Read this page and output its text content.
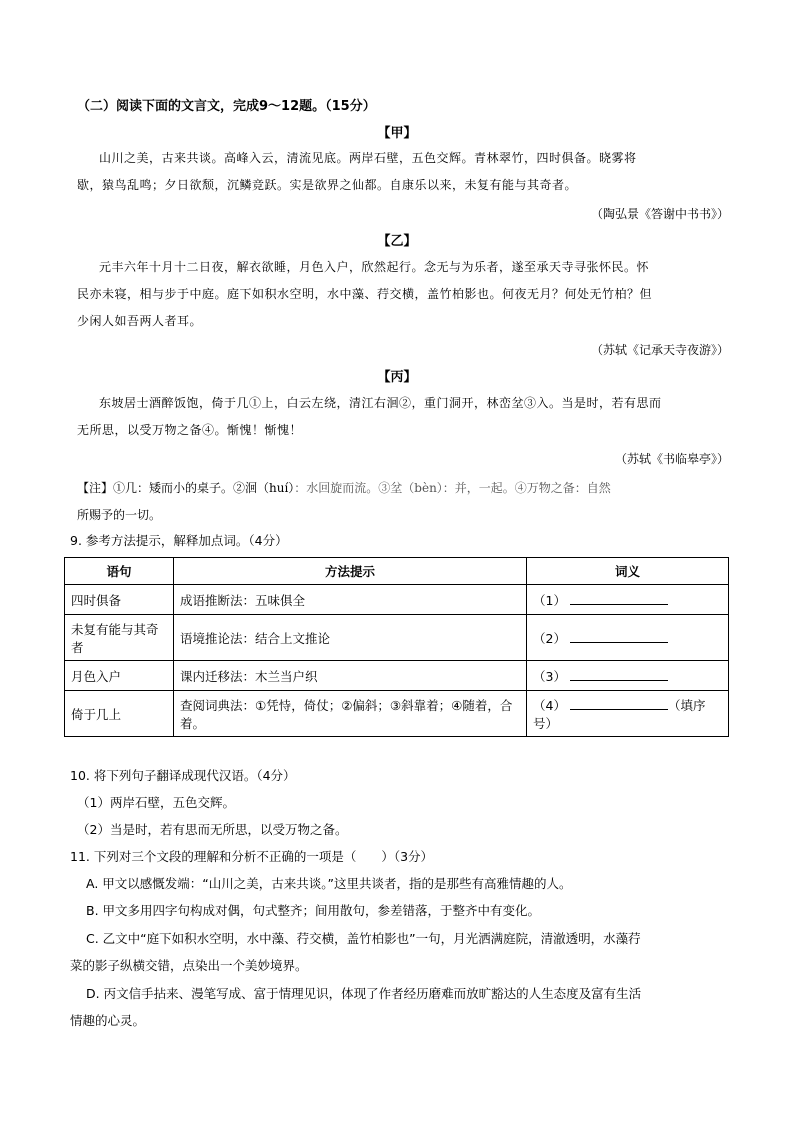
（二）阅读下面的文言文，完成9～12题。（15分）
【甲】

山川之美，古来共谈。高峰入云，清流见底。两岸石壁，五色交辉。青林翠竹，四时俱备。晓雾将

歇，猿鸟乱鸣；夕日欲颓，沉鳞竞跃。实是欲界之仙都。自康乐以来，未复有能与其奇者。

（陶弘景《答谢中书书》）
【乙】

元丰六年十月十二日夜，解衣欲睡，月色入户，欣然起行。念无与为乐者，遂至承天寺寻张怀民。怀

民亦未寝，相与步于中庭。庭下如积水空明，水中藻、荇交横，盖竹柏影也。何夜无月？何处无竹柏？但

少闲人如吾两人者耳。

（苏轼《记承天寺夜游》）
【丙】

东坡居士酒醉饭饱，倚于几①上，白云左绕，清江右洄②，重门洞开，林峦坌③入。当是时，若有思而

无所思，以受万物之备④。惭愧！惭愧！

（苏轼《书临皋亭》）
【注】①几：矮而小的桌子。②洄（huí）：水回旋而流。③坌（bèn）：并，一起。④万物之备：自然
所赐予的一切。
9. 参考方法提示，解释加点词。（4分）
语句	方法提示	词义
四时俱备	成语推断法：五味俱全	（1）
未复有能与其奇者	语境推论法：结合上文推论	（2）
月色入户	课内迁移法：木兰当户织	（3）
倚于几上	查阅词典法：①凭恃，倚仗；②偏斜；③斜靠着；④随着，合着。	（4） （填序号）
10. 将下列句子翻译成现代汉语。（4分）
（1）两岸石壁，五色交辉。
（2）当是时，若有思而无所思，以受万物之备。
11. 下列对三个文段的理解和分析不正确的一项是（　　）（3分）
A. 甲文以感慨发端：“山川之美，古来共谈。”这里共谈者，指的是那些有高雅情趣的人。
B. 甲文多用四字句构成对偶，句式整齐；间用散句，参差错落，于整齐中有变化。
C. 乙文中“庭下如积水空明，水中藻、荇交横，盖竹柏影也”一句，月光洒满庭院，清澈透明，水藻荇
菜的影子纵横交错，点染出一个美妙境界。
D. 丙文信手拈来、漫笔写成、富于情理见识，体现了作者经历磨难而放旷豁达的人生态度及富有生活
情趣的心灵。
